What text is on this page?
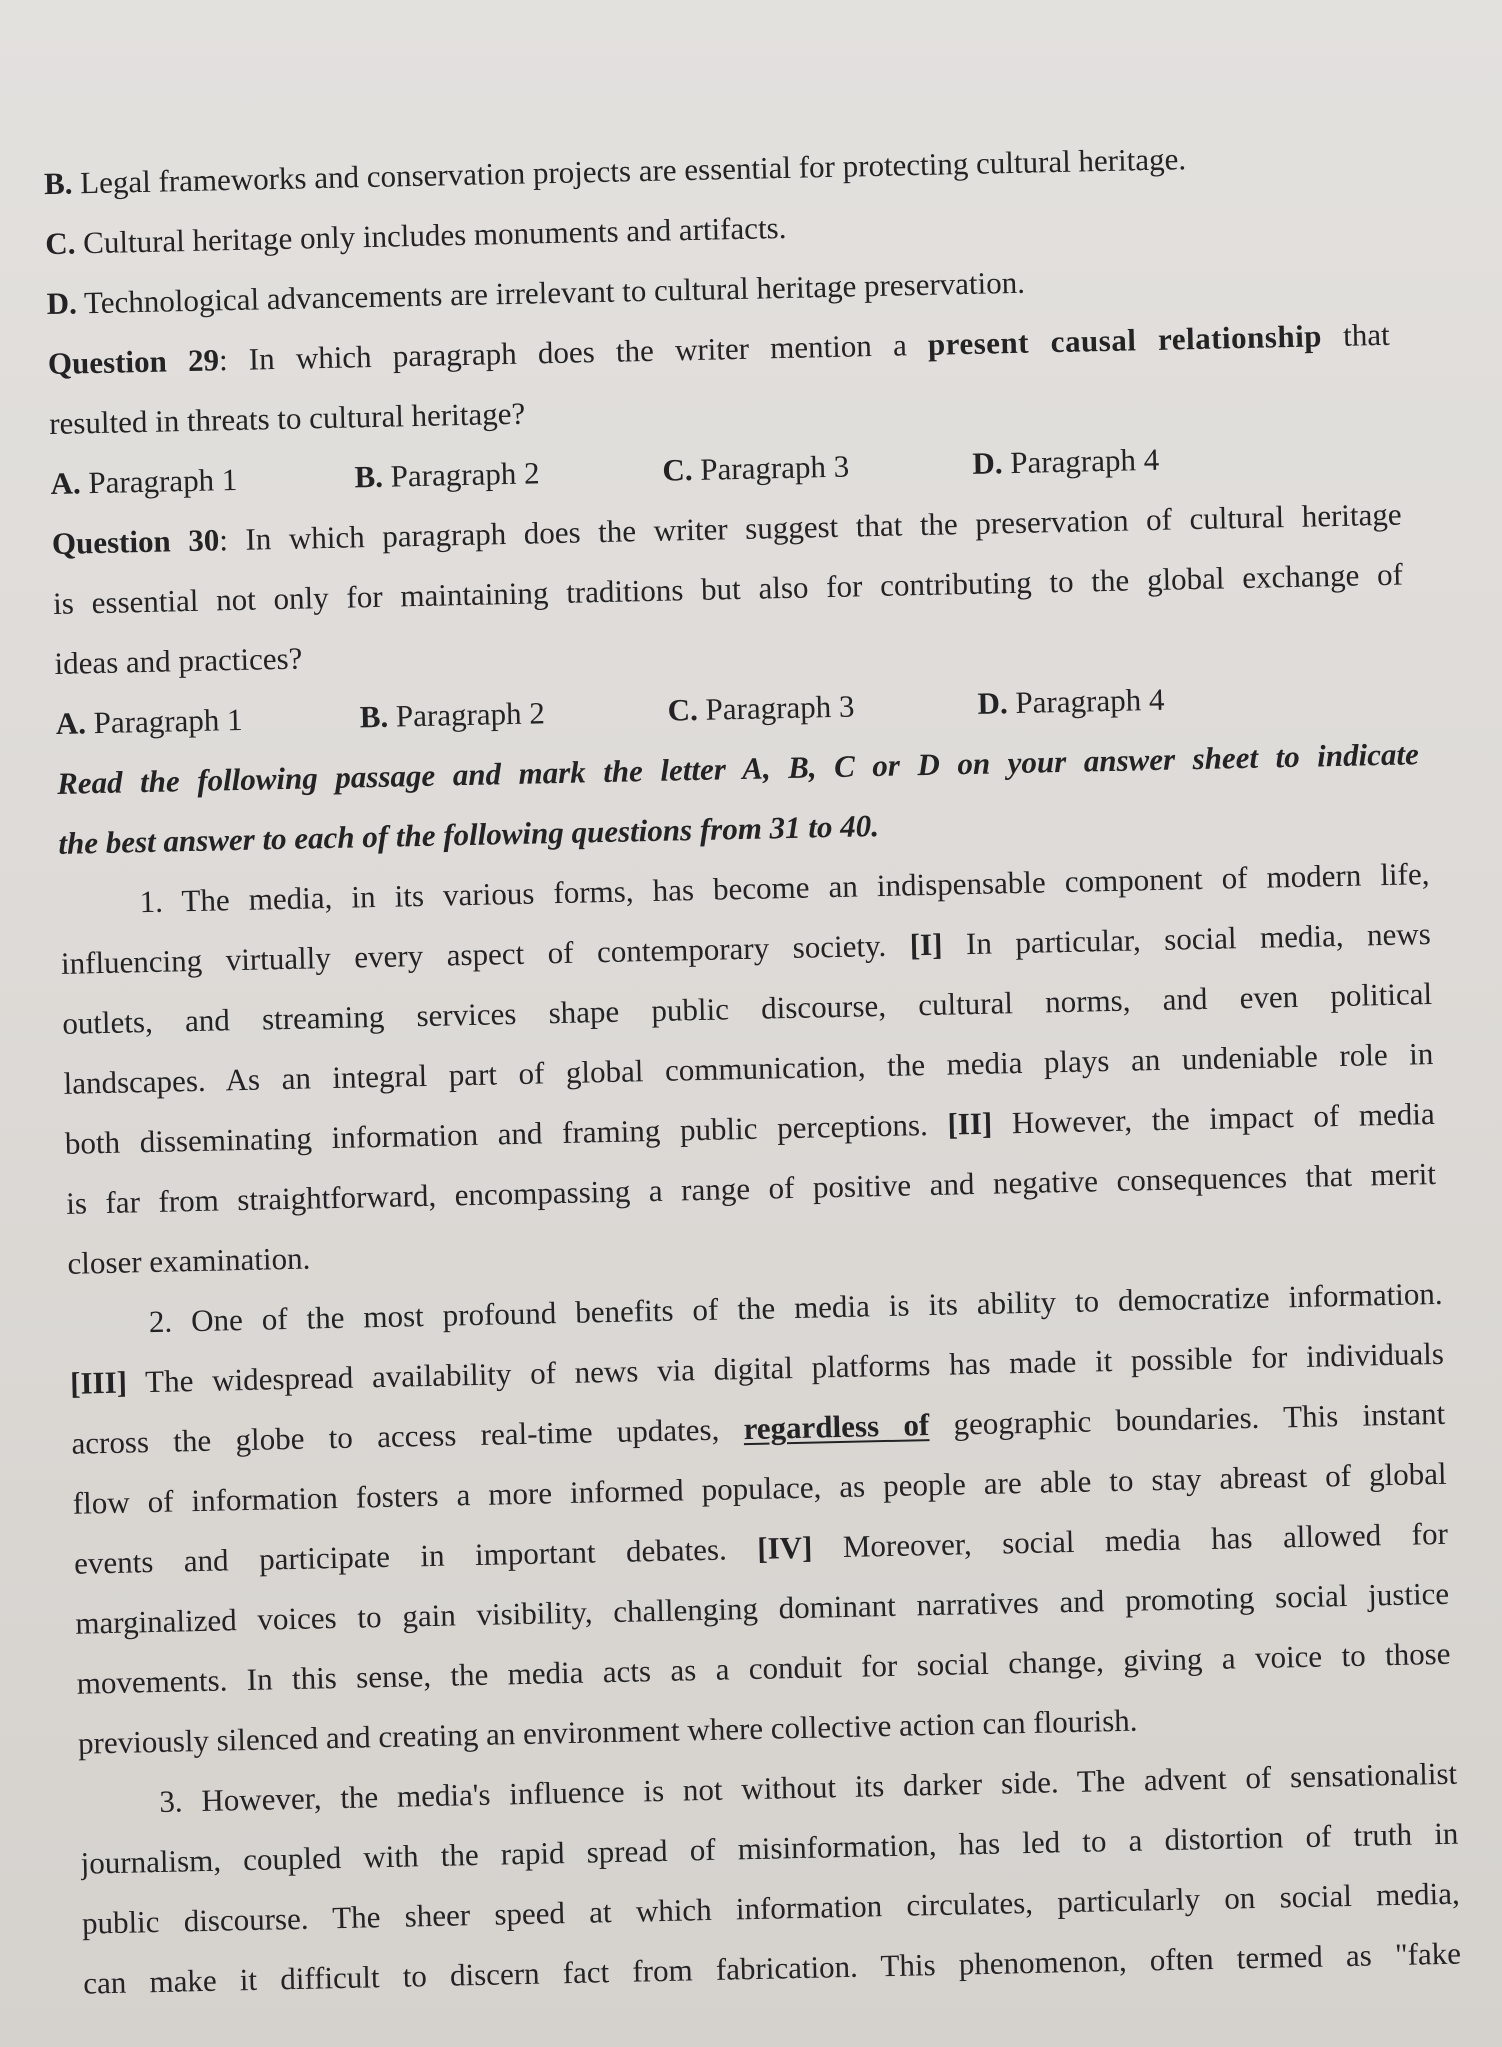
B. Legal frameworks and conservation projects are essential for protecting cultural heritage.
C. Cultural heritage only includes monuments and artifacts.
D. Technological advancements are irrelevant to cultural heritage preservation.
Question 29: In which paragraph does the writer mention a present causal relationship that
resulted in threats to cultural heritage?
A. Paragraph 1	B. Paragraph 2	C. Paragraph 3	D. Paragraph 4
Question 30: In which paragraph does the writer suggest that the preservation of cultural heritage
is essential not only for maintaining traditions but also for contributing to the global exchange of
ideas and practices?
A. Paragraph 1	B. Paragraph 2	C. Paragraph 3	D. Paragraph 4
Read the following passage and mark the letter A, B, C or D on your answer sheet to indicate
the best answer to each of the following questions from 31 to 40.
1. The media, in its various forms, has become an indispensable component of modern life,
influencing virtually every aspect of contemporary society. [I] In particular, social media, news
outlets, and streaming services shape public discourse, cultural norms, and even political
landscapes. As an integral part of global communication, the media plays an undeniable role in
both disseminating information and framing public perceptions. [II] However, the impact of media
is far from straightforward, encompassing a range of positive and negative consequences that merit
closer examination.
2. One of the most profound benefits of the media is its ability to democratize information.
[III] The widespread availability of news via digital platforms has made it possible for individuals
across the globe to access real-time updates, regardless of geographic boundaries. This instant
flow of information fosters a more informed populace, as people are able to stay abreast of global
events and participate in important debates. [IV] Moreover, social media has allowed for
marginalized voices to gain visibility, challenging dominant narratives and promoting social justice
movements. In this sense, the media acts as a conduit for social change, giving a voice to those
previously silenced and creating an environment where collective action can flourish.
3. However, the media's influence is not without its darker side. The advent of sensationalist
journalism, coupled with the rapid spread of misinformation, has led to a distortion of truth in
public discourse. The sheer speed at which information circulates, particularly on social media,
can make it difficult to discern fact from fabrication. This phenomenon, often termed as "fake
